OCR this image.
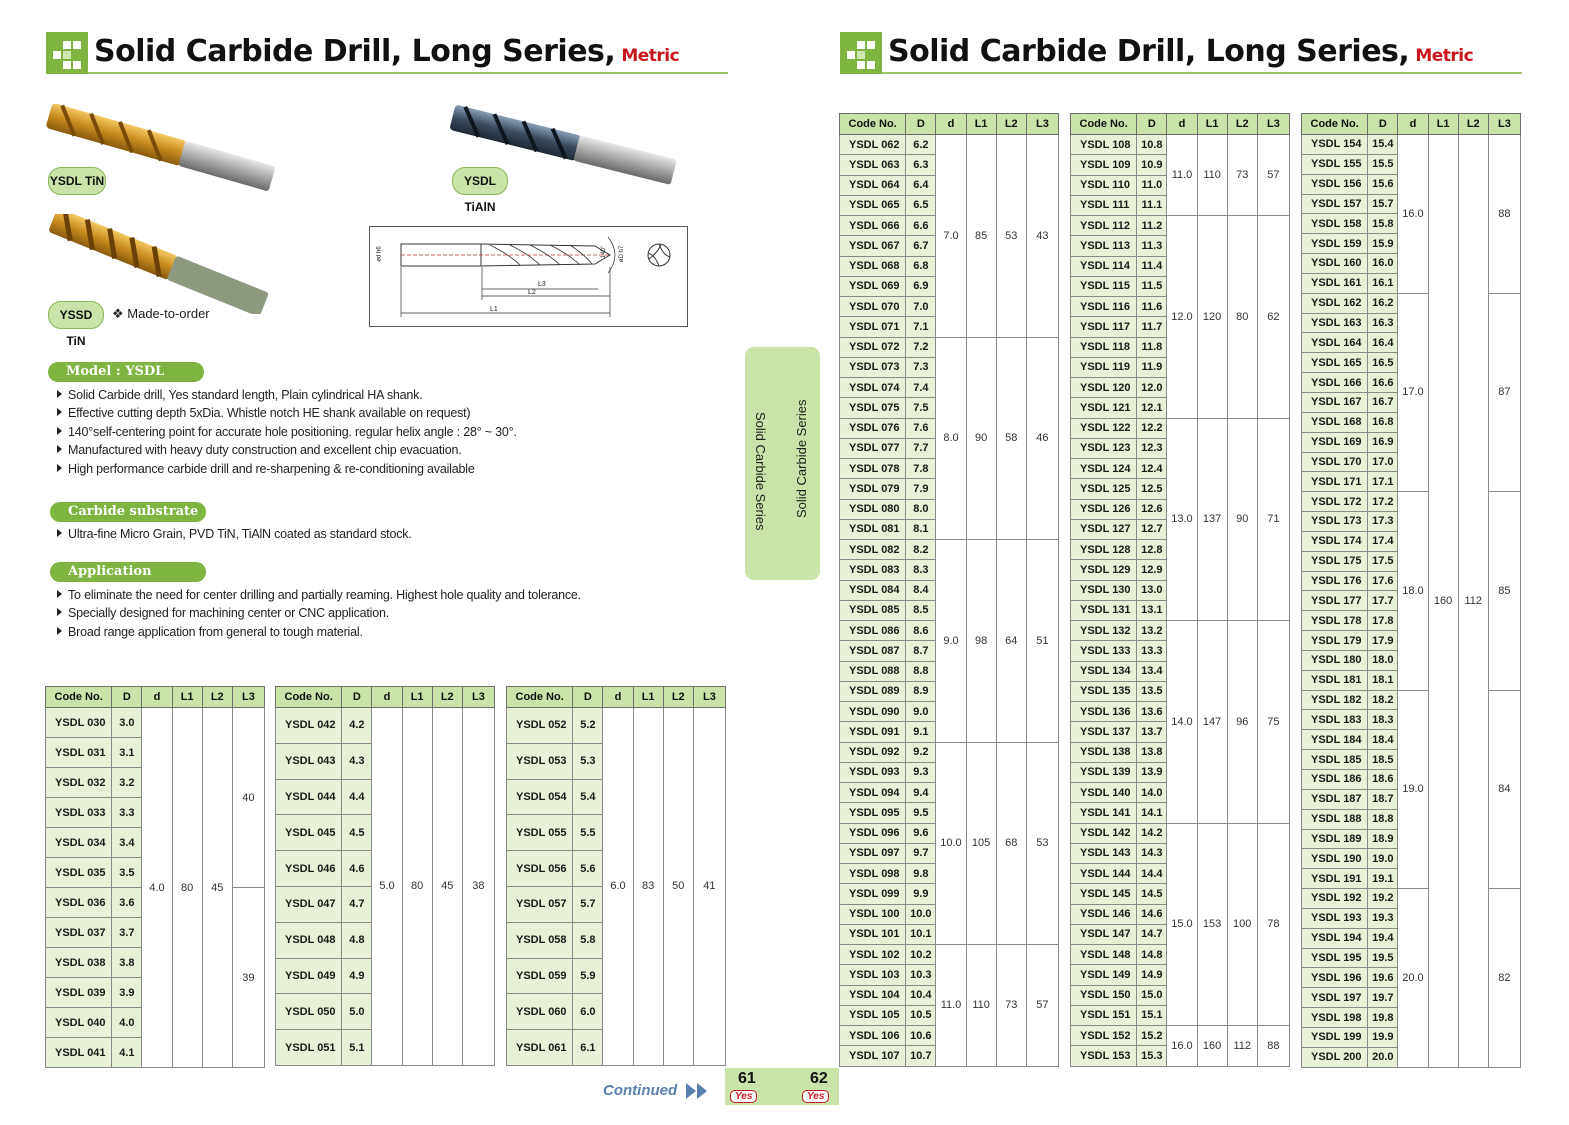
Solid Carbide Drill, Long Series, Metric	Solid Carbide Drill, Long Series, Metric
YSDL TiN	YSDL TiAlN
YSSD TiN
❖ Made-to-order
L3
L2
L1
ød h6	øD h7
140°
Model : YSDL
Solid Carbide drill, Yes standard length, Plain cylindrical HA shank.
Effective cutting depth 5xDia. Whistle notch HE shank available on request)
140°self-centering point for accurate hole positioning. regular helix angle : 28° ~ 30°.
Manufactured with heavy duty construction and excellent chip evacuation.
High performance carbide drill and re-sharpening & re-conditioning available
Carbide substrate
Ultra-fine Micro Grain, PVD TiN, TiAlN coated as standard stock.
Application
To eliminate the need for center drilling and partially reaming. Highest hole quality and tolerance.
Specially designed for machining center or CNC application.
Broad range application from general to tough material.
Solid Carbide Series Solid Carbide Series
Code No.	D	d	L1	L2	L3
YSDL 030	3.0	4.0	80	45	40
YSDL 031	3.1				
YSDL 032	3.2				
YSDL 033	3.3				
YSDL 034	3.4				
YSDL 035	3.5				
YSDL 036	3.6				39
YSDL 037	3.7				
YSDL 038	3.8				
YSDL 039	3.9				
YSDL 040	4.0				
YSDL 041	4.1				
Code No.	D	d	L1	L2	L3
YSDL 042	4.2	5.0	80	45	38
YSDL 043	4.3				
YSDL 044	4.4				
YSDL 045	4.5				
YSDL 046	4.6				
YSDL 047	4.7				
YSDL 048	4.8				
YSDL 049	4.9				
YSDL 050	5.0				
YSDL 051	5.1				
Code No.	D	d	L1	L2	L3
YSDL 052	5.2	6.0	83	50	41
YSDL 053	5.3				
YSDL 054	5.4				
YSDL 055	5.5				
YSDL 056	5.6				
YSDL 057	5.7				
YSDL 058	5.8				
YSDL 059	5.9				
YSDL 060	6.0				
YSDL 061	6.1				
Code No.	D	d	L1	L2	L3
YSDL 062	6.2	7.0	85	53	43
YSDL 063	6.3				
YSDL 064	6.4				
YSDL 065	6.5				
YSDL 066	6.6				
YSDL 067	6.7				
YSDL 068	6.8				
YSDL 069	6.9				
YSDL 070	7.0				
YSDL 071	7.1				
YSDL 072	7.2	8.0	90	58	46
YSDL 073	7.3				
YSDL 074	7.4				
YSDL 075	7.5				
YSDL 076	7.6				
YSDL 077	7.7				
YSDL 078	7.8				
YSDL 079	7.9				
YSDL 080	8.0				
YSDL 081	8.1				
YSDL 082	8.2	9.0	98	64	51
YSDL 083	8.3				
YSDL 084	8.4				
YSDL 085	8.5				
YSDL 086	8.6				
YSDL 087	8.7				
YSDL 088	8.8				
YSDL 089	8.9				
YSDL 090	9.0				
YSDL 091	9.1				
YSDL 092	9.2	10.0	105	68	53
YSDL 093	9.3				
YSDL 094	9.4				
YSDL 095	9.5				
YSDL 096	9.6				
YSDL 097	9.7				
YSDL 098	9.8				
YSDL 099	9.9				
YSDL 100	10.0				
YSDL 101	10.1				
YSDL 102	10.2	11.0	110	73	57
YSDL 103	10.3				
YSDL 104	10.4				
YSDL 105	10.5				
YSDL 106	10.6				
YSDL 107	10.7				
Code No.	D	d	L1	L2	L3
YSDL 108	10.8	11.0	110	73	57
YSDL 109	10.9				
YSDL 110	11.0				
YSDL 111	11.1				
YSDL 112	11.2	12.0	120	80	62
YSDL 113	11.3				
YSDL 114	11.4				
YSDL 115	11.5				
YSDL 116	11.6				
YSDL 117	11.7				
YSDL 118	11.8				
YSDL 119	11.9				
YSDL 120	12.0				
YSDL 121	12.1				
YSDL 122	12.2	13.0	137	90	71
YSDL 123	12.3				
YSDL 124	12.4				
YSDL 125	12.5				
YSDL 126	12.6				
YSDL 127	12.7				
YSDL 128	12.8				
YSDL 129	12.9				
YSDL 130	13.0				
YSDL 131	13.1				
YSDL 132	13.2	14.0	147	96	75
YSDL 133	13.3				
YSDL 134	13.4				
YSDL 135	13.5				
YSDL 136	13.6				
YSDL 137	13.7				
YSDL 138	13.8				
YSDL 139	13.9				
YSDL 140	14.0				
YSDL 141	14.1				
YSDL 142	14.2	15.0	153	100	78
YSDL 143	14.3				
YSDL 144	14.4				
YSDL 145	14.5				
YSDL 146	14.6				
YSDL 147	14.7				
YSDL 148	14.8				
YSDL 149	14.9				
YSDL 150	15.0				
YSDL 151	15.1				
YSDL 152	15.2	16.0	160	112	88
YSDL 153	15.3				
Code No.	D	d	L1	L2	L3
YSDL 154	15.4	16.0	160	112	88
YSDL 155	15.5				
YSDL 156	15.6				
YSDL 157	15.7				
YSDL 158	15.8				
YSDL 159	15.9				
YSDL 160	16.0				
YSDL 161	16.1				
YSDL 162	16.2	17.0			87
YSDL 163	16.3				
YSDL 164	16.4				
YSDL 165	16.5				
YSDL 166	16.6				
YSDL 167	16.7				
YSDL 168	16.8				
YSDL 169	16.9				
YSDL 170	17.0				
YSDL 171	17.1				
YSDL 172	17.2	18.0			85
YSDL 173	17.3				
YSDL 174	17.4				
YSDL 175	17.5				
YSDL 176	17.6				
YSDL 177	17.7				
YSDL 178	17.8				
YSDL 179	17.9				
YSDL 180	18.0				
YSDL 181	18.1				
YSDL 182	18.2	19.0			84
YSDL 183	18.3				
YSDL 184	18.4				
YSDL 185	18.5				
YSDL 186	18.6				
YSDL 187	18.7				
YSDL 188	18.8				
YSDL 189	18.9				
YSDL 190	19.0				
YSDL 191	19.1				
YSDL 192	19.2	20.0			82
YSDL 193	19.3				
YSDL 194	19.4				
YSDL 195	19.5				
YSDL 196	19.6				
YSDL 197	19.7				
YSDL 198	19.8				
YSDL 199	19.9				
YSDL 200	20.0				
Continued
61	62
Yes	Yes
